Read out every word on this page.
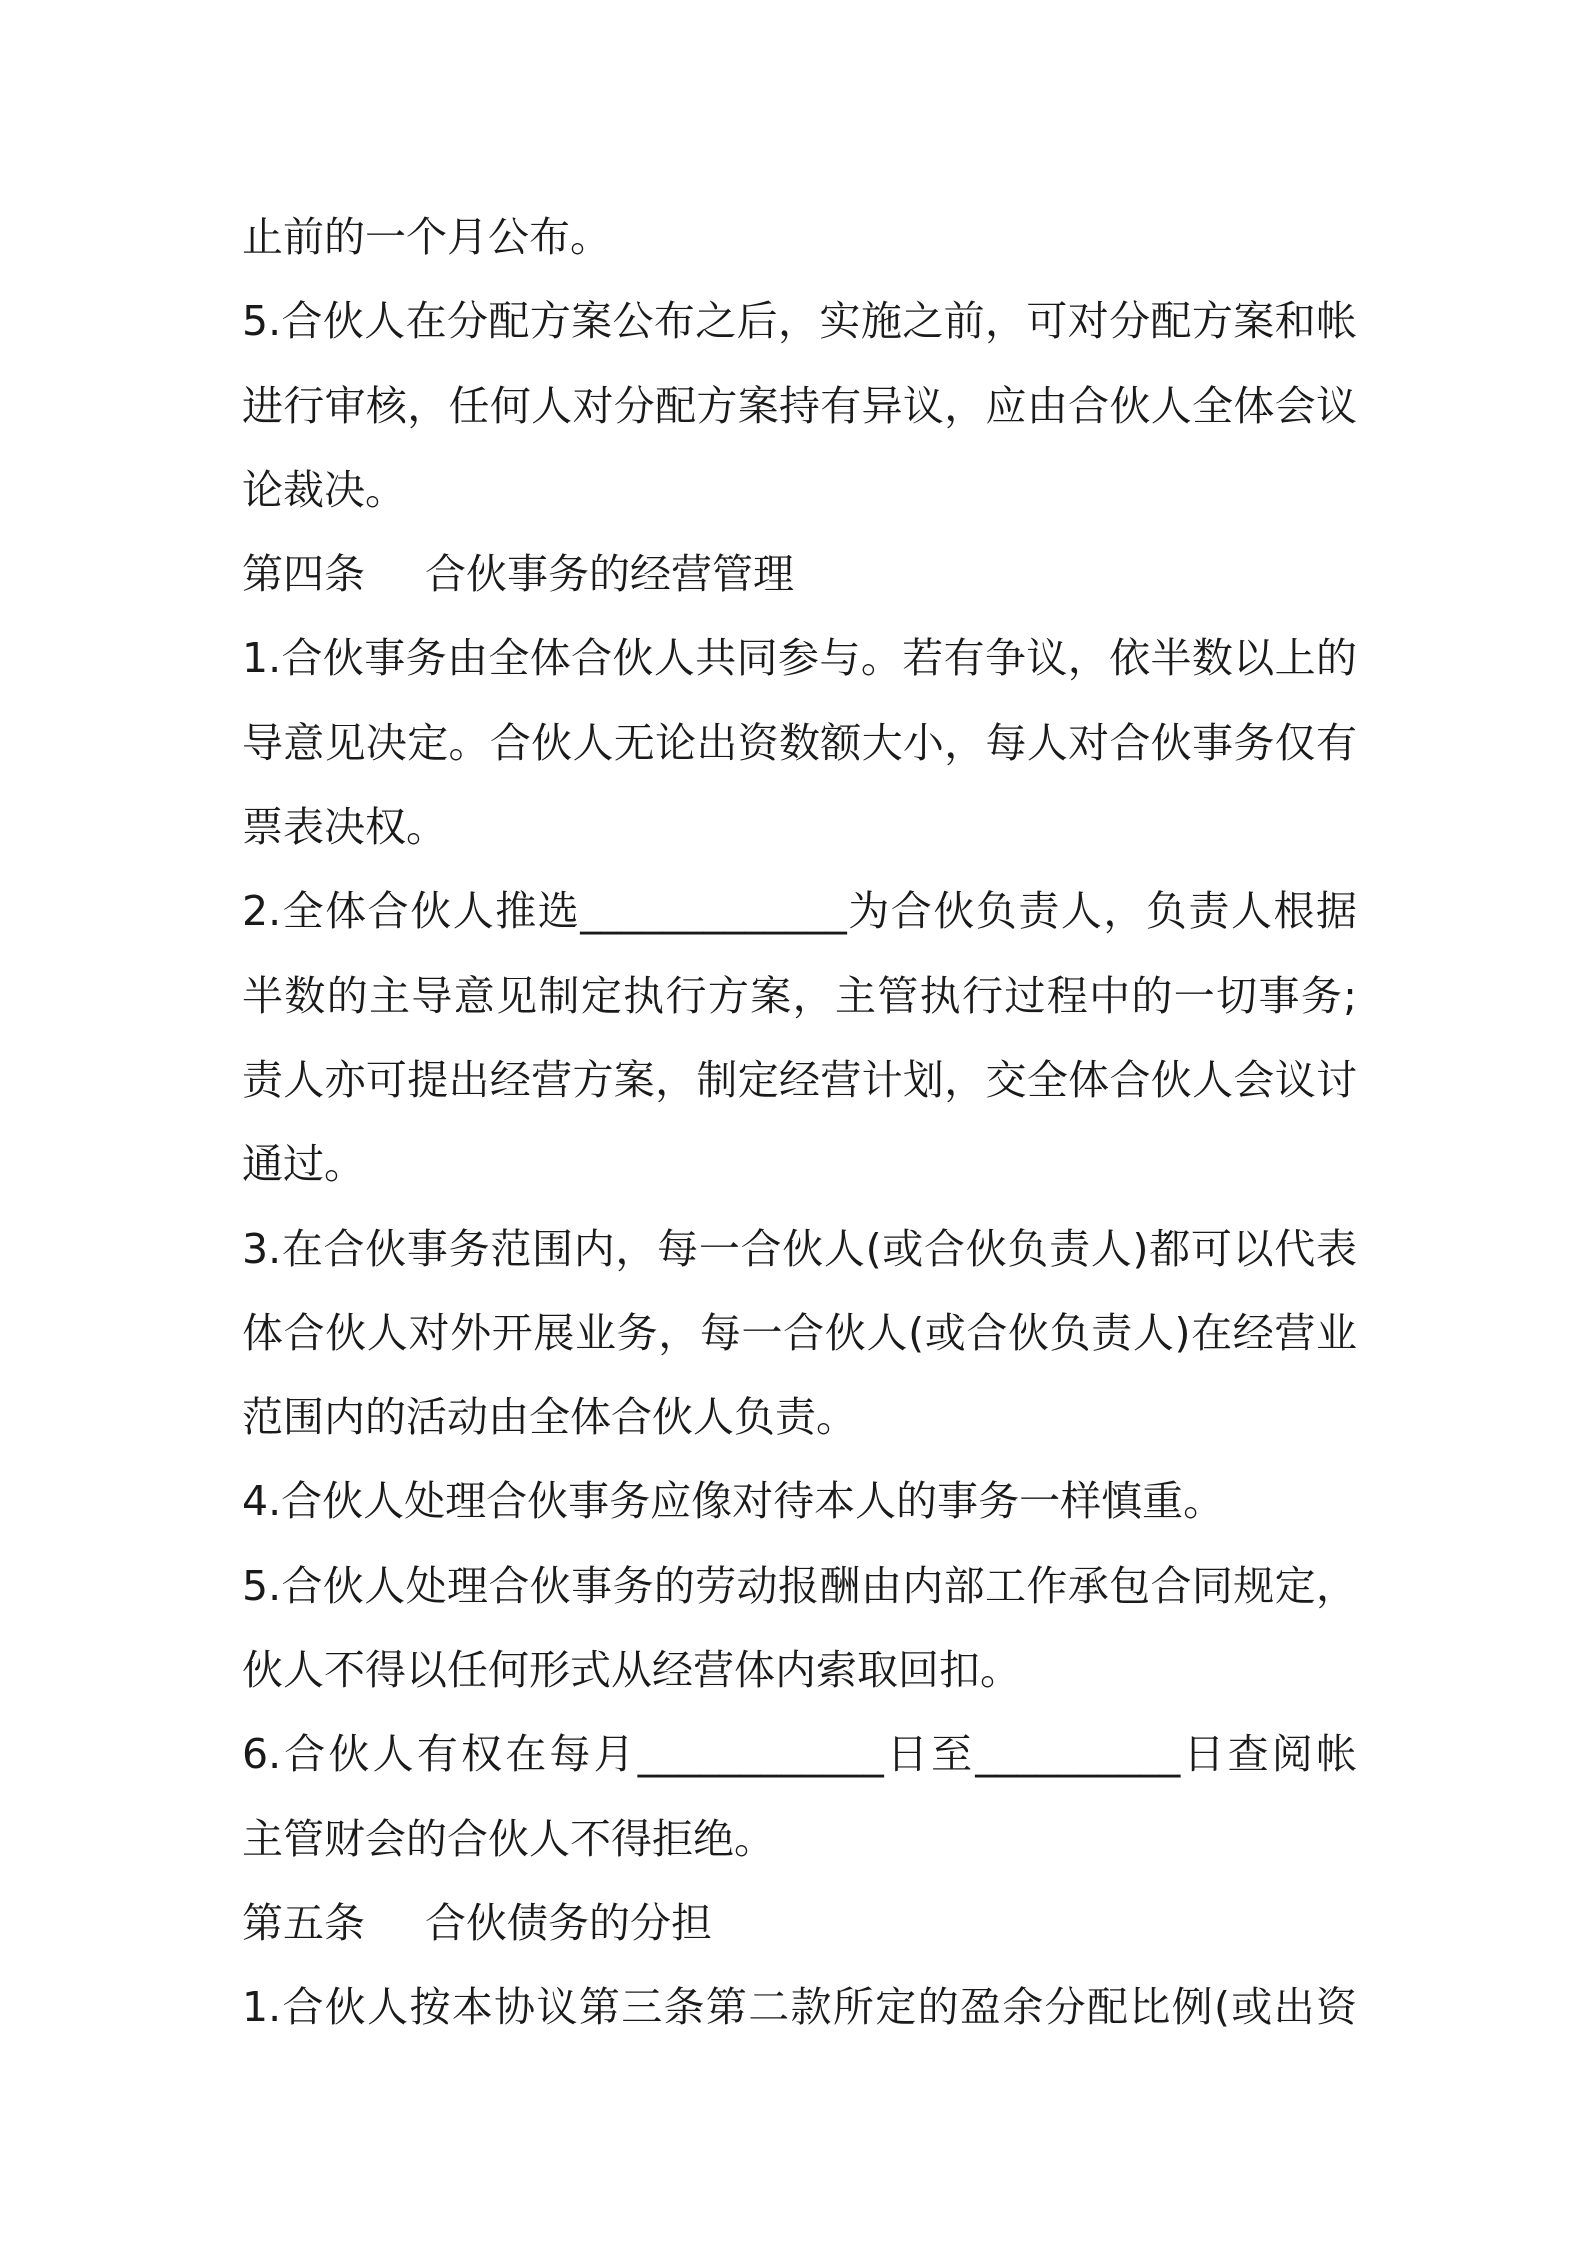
止前的一个月公布。
5.合伙人在分配方案公布之后，实施之前，可对分配方案和帐
进行审核，任何人对分配方案持有异议，应由合伙人全体会议
论裁决。
第四条 合伙事务的经营管理
1.合伙事务由全体合伙人共同参与。若有争议，依半数以上的
导意见决定。合伙人无论出资数额大小，每人对合伙事务仅有
票表决权。
2.全体合伙人推选_____________为合伙负责人，负责人根据
半数的主导意见制定执行方案，主管执行过程中的一切事务;
责人亦可提出经营方案，制定经营计划，交全体合伙人会议讨
通过。
3.在合伙事务范围内，每一合伙人(或合伙负责人)都可以代表
体合伙人对外开展业务，每一合伙人(或合伙负责人)在经营业
范围内的活动由全体合伙人负责。
4.合伙人处理合伙事务应像对待本人的事务一样慎重。
5.合伙人处理合伙事务的劳动报酬由内部工作承包合同规定，
伙人不得以任何形式从经营体内索取回扣。
6.合伙人有权在每月____________日至__________日查阅帐
主管财会的合伙人不得拒绝。
第五条 合伙债务的分担
1.合伙人按本协议第三条第二款所定的盈余分配比例(或出资
